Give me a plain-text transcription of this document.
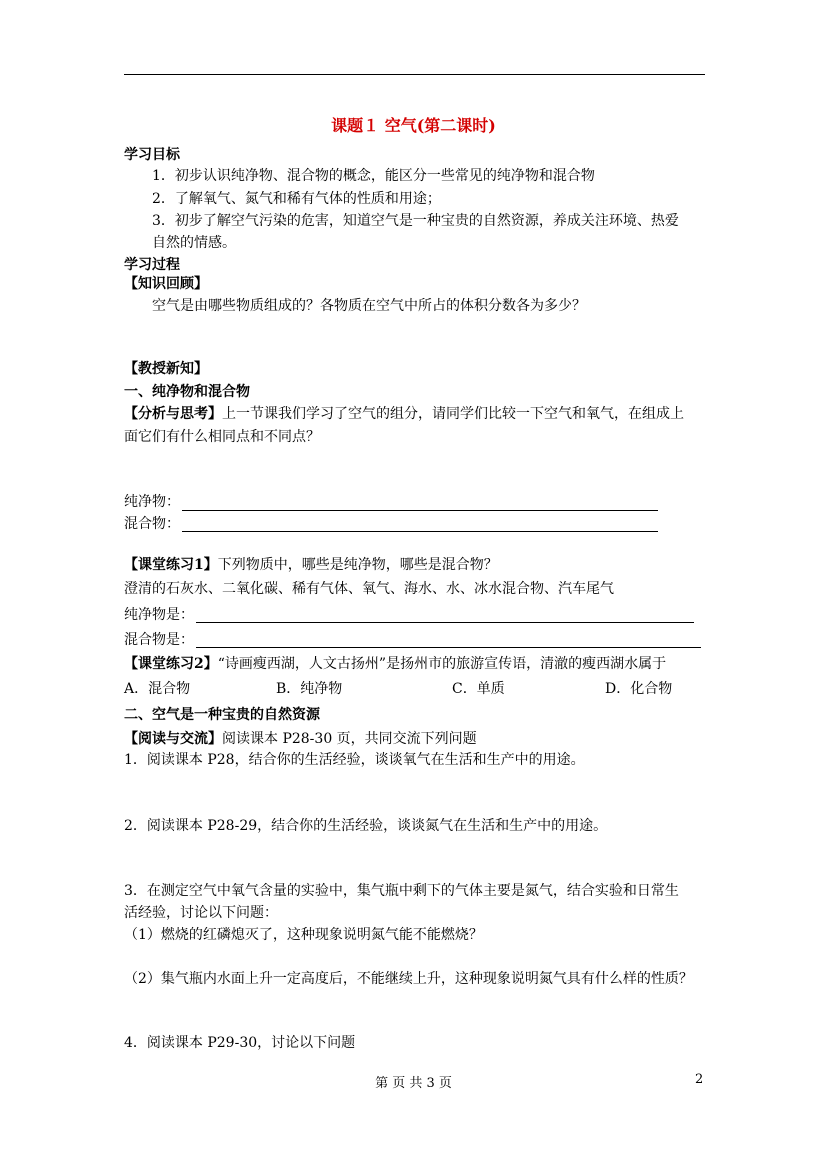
课题１ 空气(第二课时)
学习目标
1．初步认识纯净物、混合物的概念，能区分一些常见的纯净物和混合物
2．了解氧气、氮气和稀有气体的性质和用途；
3．初步了解空气污染的危害，知道空气是一种宝贵的自然资源，养成关注环境、热爱
自然的情感。
学习过程
【知识回顾】
空气是由哪些物质组成的？各物质在空气中所占的体积分数各为多少？
【教授新知】
一、纯净物和混合物
【分析与思考】上一节课我们学习了空气的组分，请同学们比较一下空气和氧气，在组成上
面它们有什么相同点和不同点？
纯净物：
混合物：
【课堂练习1】下列物质中，哪些是纯净物，哪些是混合物？
澄清的石灰水、二氧化碳、稀有气体、氧气、海水、水、冰水混合物、汽车尾气
纯净物是：
混合物是：
【课堂练习2】“诗画瘦西湖，人文古扬州”是扬州市的旅游宣传语，清澈的瘦西湖水属于
A．混合物	B．纯净物	C．单质	D．化合物
二、空气是一种宝贵的自然资源
【阅读与交流】阅读课本 P28-30 页，共同交流下列问题
1．阅读课本 P28，结合你的生活经验，谈谈氧气在生活和生产中的用途。
2．阅读课本 P28-29，结合你的生活经验，谈谈氮气在生活和生产中的用途。
3．在测定空气中氧气含量的实验中，集气瓶中剩下的气体主要是氮气，结合实验和日常生
活经验，讨论以下问题：
（1）燃烧的红磷熄灭了，这种现象说明氮气能不能燃烧？
（2）集气瓶内水面上升一定高度后，不能继续上升，这种现象说明氮气具有什么样的性质？
4．阅读课本 P29-30，讨论以下问题
第 页 共 3 页	2
